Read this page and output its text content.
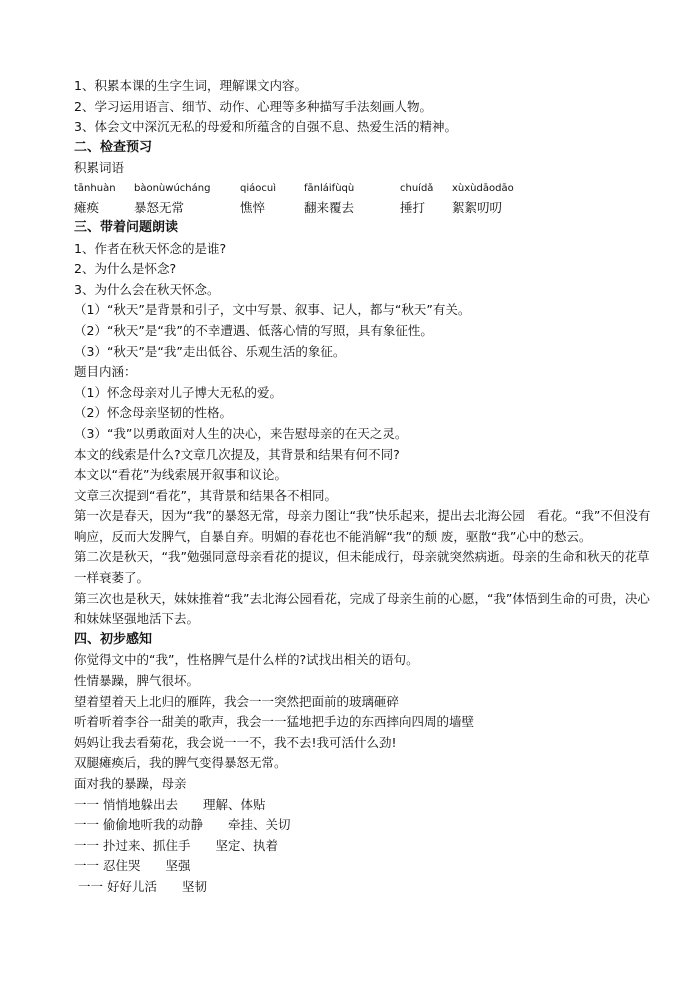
1、积累本课的生字生词，理解课文内容。
2、学习运用语言、细节、动作、心理等多种描写手法刻画人物。
3、体会文中深沉无私的母爱和所蕴含的自强不息、热爱生活的精神。
二、检查预习
积累词语
tānhuàn	bàonùwúcháng	qiáocuì	fānláifùqù	chuídǎ	xùxùdāodāo
瘫痪	暴怒无常	憔悴	翻来覆去	捶打	絮絮叨叨
三、带着问题朗读
1、作者在秋天怀念的是谁?
2、为什么是怀念?
3、为什么会在秋天怀念。
（1）“秋天”是背景和引子，文中写景、叙事、记人，都与“秋天”有关。
（2）“秋天”是“我”的不幸遭遇、低落心情的写照，具有象征性。
（3）“秋天”是“我”走出低谷、乐观生活的象征。
题目内涵：
（1）怀念母亲对儿子博大无私的爱。
（2）怀念母亲坚韧的性格。
（3）“我”以勇敢面对人生的决心，来告慰母亲的在天之灵。
本文的线索是什么?文章几次提及，其背景和结果有何不同?
本文以“看花”为线索展开叙事和议论。
文章三次提到“看花”，其背景和结果各不相同。
第一次是春天，因为“我”的暴怒无常，母亲力图让“我”快乐起来，提出去北海公园　看花。“我”不但没有响应，反而大发脾气，自暴自弃。明媚的春花也不能消解“我”的颓 废，驱散“我”心中的愁云。
第二次是秋天，“我”勉强同意母亲看花的提议，但未能成行，母亲就突然病逝。母亲的生命和秋天的花草一样衰萎了。
第三次也是秋天，妹妹推着“我”去北海公园看花，完成了母亲生前的心愿，“我”体悟到生命的可贵，决心和妹妹坚强地活下去。
四、初步感知
你觉得文中的“我”，性格脾气是什么样的?试找出相关的语句。
性情暴躁，脾气很坏。
望着望着天上北归的雁阵，我会一一突然把面前的玻璃砸碎
听着听着李谷一甜美的歌声，我会一一猛地把手边的东西摔向四周的墙壁
妈妈让我去看菊花，我会说一一不，我不去!我可活什么劲!
双腿瘫痪后，我的脾气变得暴怒无常。
面对我的暴躁，母亲
一一 悄悄地躲出去　　理解、体贴
一一 偷偷地听我的动静　　牵挂、关切
一一 扑过来、抓住手　　坚定、执着
一一 忍住哭　　坚强
一一 好好儿活　　坚韧
